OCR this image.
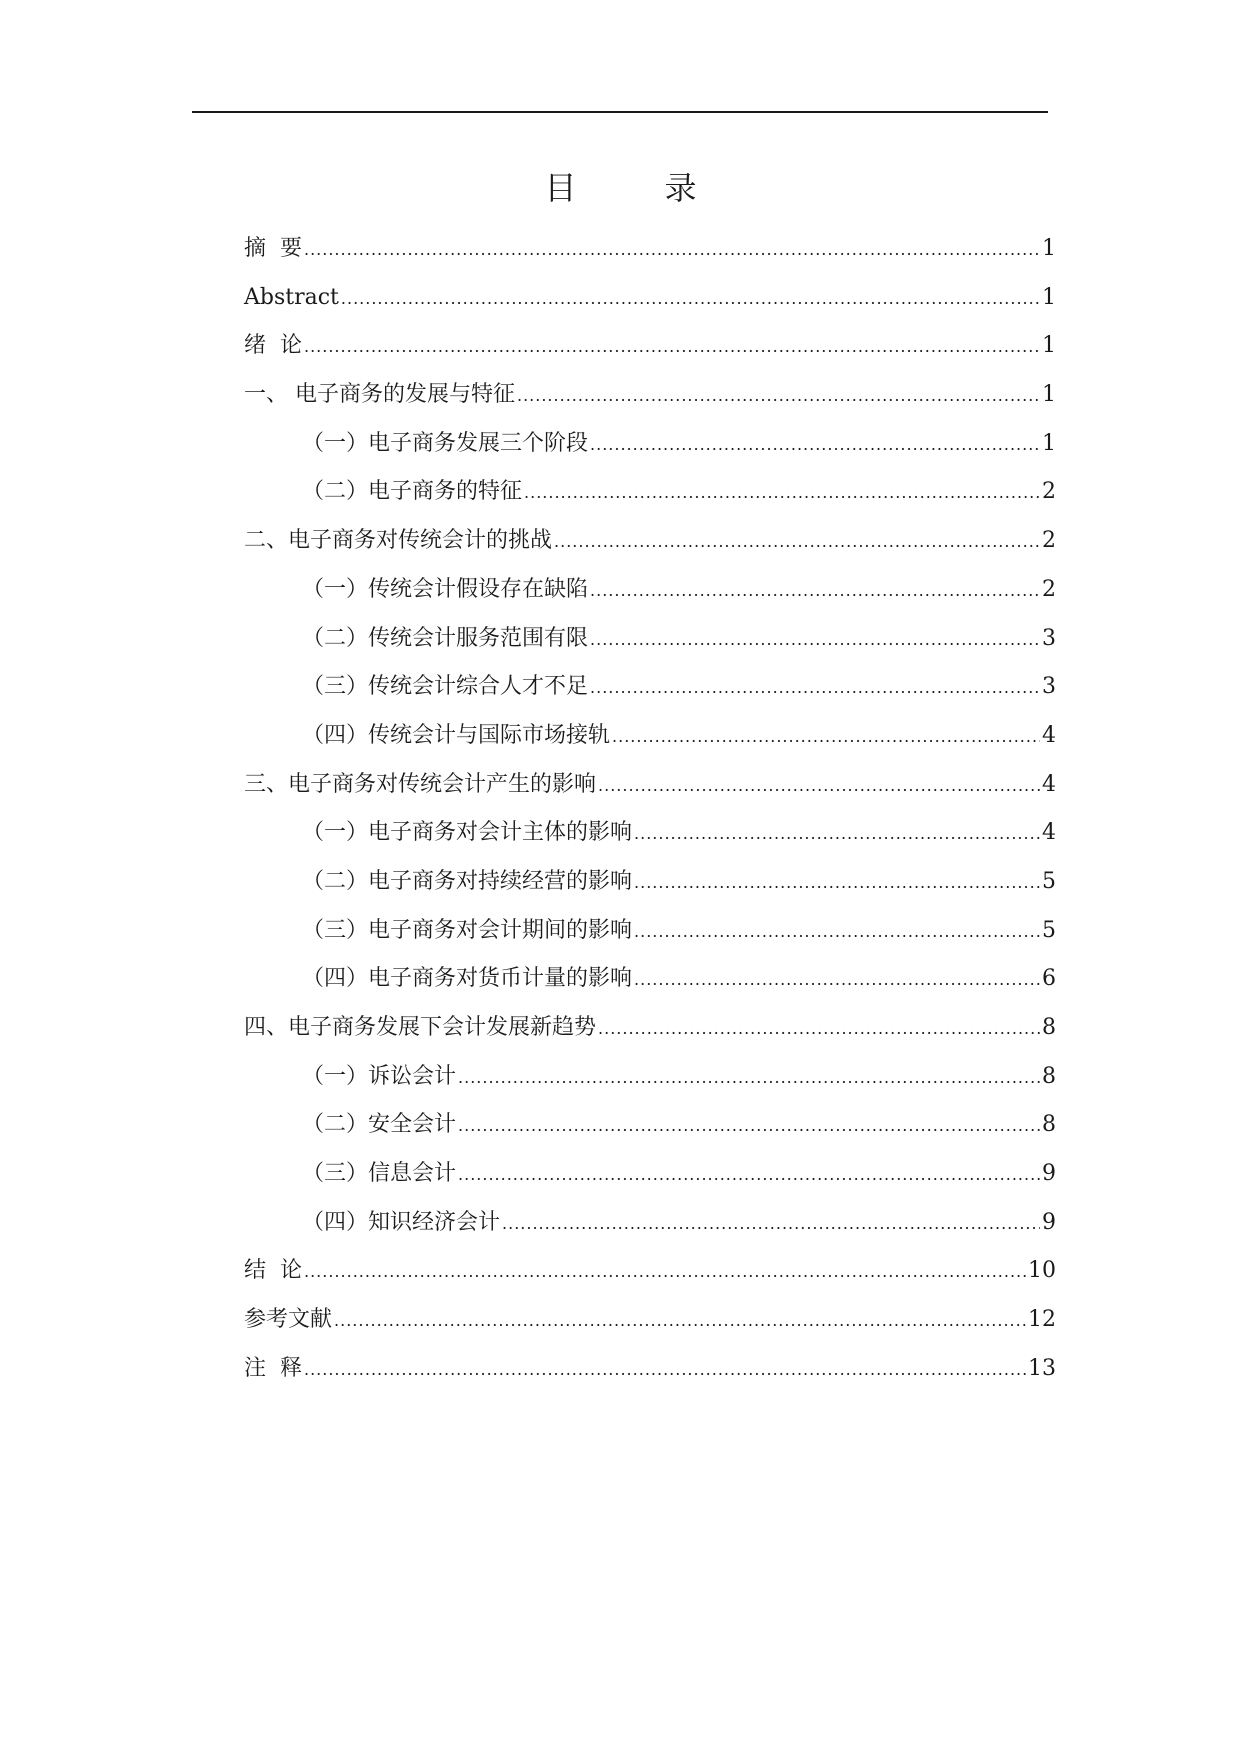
目　录
摘  要 .....	1
Abstract .....	1
绪  论 .....	1
一、 电子商务的发展与特征 .....	1
（一）电子商务发展三个阶段 .....	1
（二）电子商务的特征 .....	2
二、电子商务对传统会计的挑战 .....	2
（一）传统会计假设存在缺陷 .....	2
（二）传统会计服务范围有限 .....	3
（三）传统会计综合人才不足 .....	3
（四）传统会计与国际市场接轨 .....	4
三、电子商务对传统会计产生的影响 .....	4
（一）电子商务对会计主体的影响 .....	4
（二）电子商务对持续经营的影响 .....	5
（三）电子商务对会计期间的影响 .....	5
（四）电子商务对货币计量的影响 .....	6
四、电子商务发展下会计发展新趋势 .....	8
（一）诉讼会计 .....	8
（二）安全会计 .....	8
（三）信息会计 .....	9
（四）知识经济会计 .....	9
结  论 .....	10
参考文献 .....	12
注  释 .....	13
